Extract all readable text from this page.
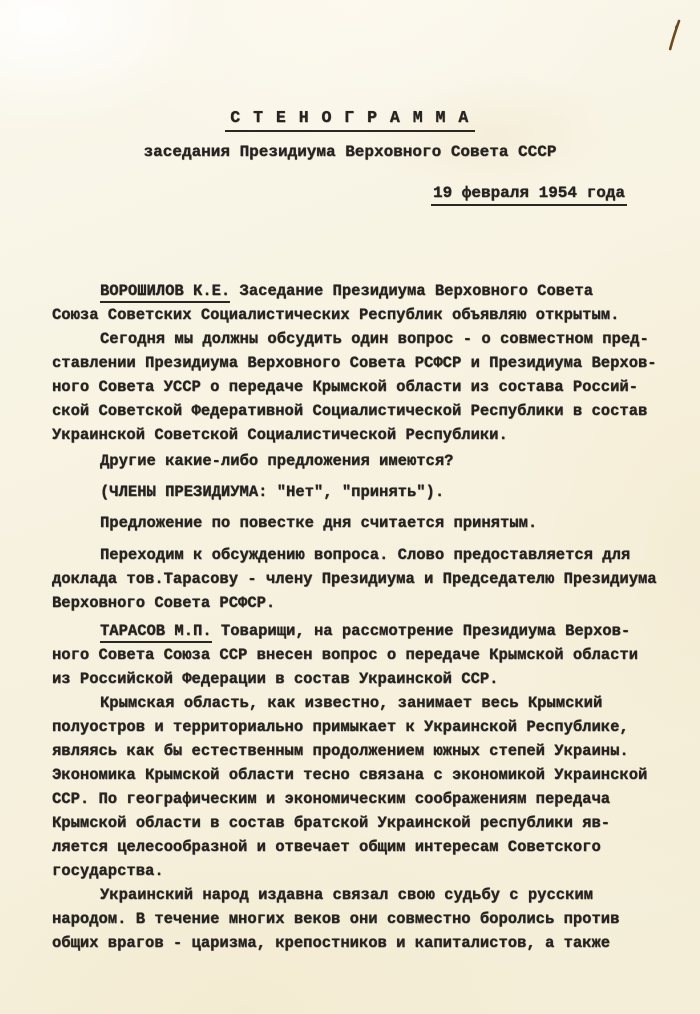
С Т Е Н О Г Р А М М А
заседания Президиума Верховного Совета СССР
19 февраля 1954 года
ВОРОШИЛОВ К.Е. Заседание Президиума Верховного Совета
Союза Советских Социалистических Республик объявляю открытым.
Сегодня мы должны обсудить один вопрос - о совместном пред-
ставлении Президиума Верховного Совета РСФСР и Президиума Верхов-
ного Совета УССР о передаче Крымской области из состава Россий-
ской Советской Федеративной Социалистической Республики в состав
Украинской Советской Социалистической Республики.
Другие какие-либо предложения имеются?
(ЧЛЕНЫ ПРЕЗИДИУМА: "Нет", "принять").
Предложение по повестке дня считается принятым.
Переходим к обсуждению вопроса. Слово предоставляется для
доклада тов.Тарасову - члену Президиума и Председателю Президиума
Верховного Совета РСФСР.
ТАРАСОВ М.П. Товарищи, на рассмотрение Президиума Верхов-
ного Совета Союза ССР внесен вопрос о передаче Крымской области
из Российской Федерации в состав Украинской ССР.
Крымская область, как известно, занимает весь Крымский
полуостров и территориально примыкает к Украинской Республике,
являясь как бы естественным продолжением южных степей Украины.
Экономика Крымской области тесно связана с экономикой Украинской
ССР. По географическим и экономическим соображениям передача
Крымской области в состав братской Украинской республики яв-
ляется целесообразной и отвечает общим интересам Советского
государства.
Украинский народ издавна связал свою судьбу с русским
народом. В течение многих веков они совместно боролись против
общих врагов - царизма, крепостников и капиталистов, а также
